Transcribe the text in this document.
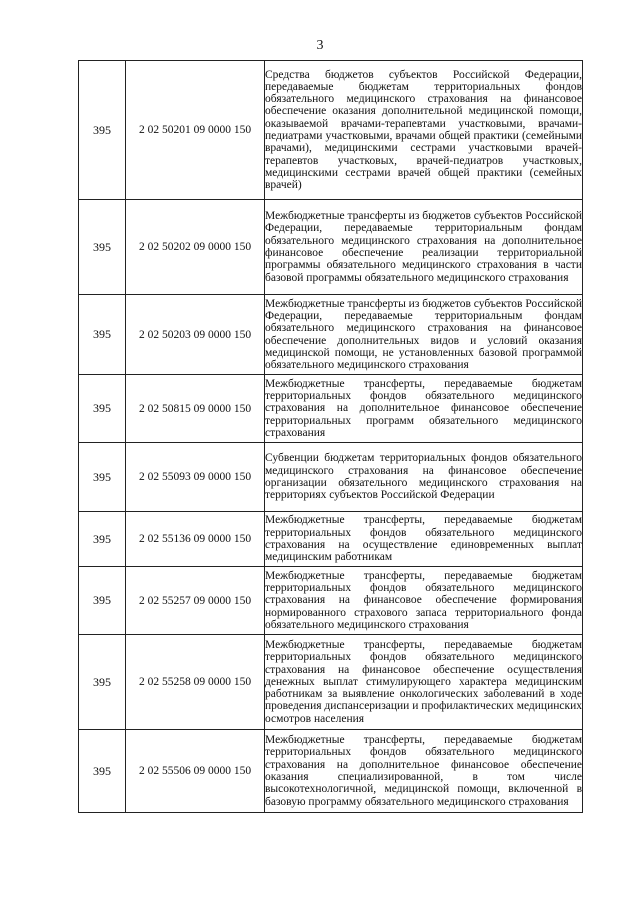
3
395	2 02 50201 09 0000 150	Средства бюджетов субъектов Российской Федерации, передаваемые бюджетам территориальных фондов обязательного медицинского страхования на финансовое обеспечение оказания дополнительной медицинской помощи, оказываемой врачами-терапевтами участковыми, врачами-педиатрами участковыми, врачами общей практики (семейными врачами), медицинскими сестрами участковыми врачей-терапевтов участковых, врачей-педиатров участковых, медицинскими сестрами врачей общей практики (семейных врачей)

395	2 02 50202 09 0000 150	Межбюджетные трансферты из бюджетов субъектов Российской Федерации, передаваемые территориальным фондам обязательного медицинского страхования на дополнительное финансовое обеспечение реализации территориальной программы обязательного медицинского страхования в части базовой программы обязательного медицинского страхования

395	2 02 50203 09 0000 150	Межбюджетные трансферты из бюджетов субъектов Российской Федерации, передаваемые территориальным фондам обязательного медицинского страхования на финансовое обеспечение дополнительных видов и условий оказания медицинской помощи, не установленных базовой программой обязательного медицинского страхования

395	2 02 50815 09 0000 150	Межбюджетные трансферты, передаваемые бюджетам территориальных фондов обязательного медицинского страхования на дополнительное финансовое обеспечение территориальных программ обязательного медицинского страхования

395	2 02 55093 09 0000 150	Субвенции бюджетам территориальных фондов обязательного медицинского страхования на финансовое обеспечение организации обязательного медицинского страхования на территориях субъектов Российской Федерации

395	2 02 55136 09 0000 150	Межбюджетные трансферты, передаваемые бюджетам территориальных фондов обязательного медицинского страхования на осуществление единовременных выплат медицинским работникам

395	2 02 55257 09 0000 150	Межбюджетные трансферты, передаваемые бюджетам территориальных фондов обязательного медицинского страхования на финансовое обеспечение формирования нормированного страхового запаса территориального фонда обязательного медицинского страхования

395	2 02 55258 09 0000 150	Межбюджетные трансферты, передаваемые бюджетам территориальных фондов обязательного медицинского страхования на финансовое обеспечение осуществления денежных выплат стимулирующего характера медицинским работникам за выявление онкологических заболеваний в ходе проведения диспансеризации и профилактических медицинских осмотров населения

395	2 02 55506 09 0000 150	Межбюджетные трансферты, передаваемые бюджетам территориальных фондов обязательного медицинского страхования на дополнительное финансовое обеспечение оказания специализированной, в том числе высокотехнологичной, медицинской помощи, включенной в базовую программу обязательного медицинского страхования
